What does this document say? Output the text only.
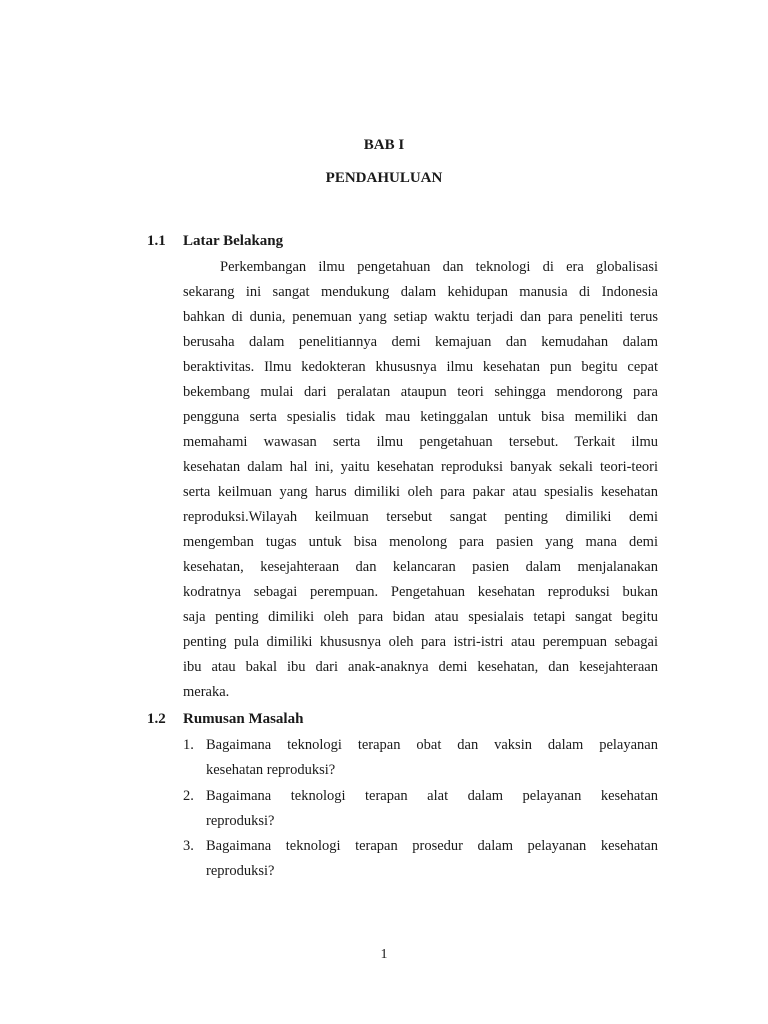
BAB I
PENDAHULUAN
1.1 Latar Belakang
Perkembangan ilmu pengetahuan dan teknologi di era globalisasi
sekarang ini sangat mendukung dalam kehidupan manusia di Indonesia
bahkan di dunia, penemuan yang setiap waktu terjadi dan para peneliti terus
berusaha dalam penelitiannya demi kemajuan dan kemudahan dalam
beraktivitas. Ilmu kedokteran khususnya ilmu kesehatan pun begitu cepat
bekembang mulai dari peralatan ataupun teori sehingga mendorong para
pengguna serta spesialis tidak mau ketinggalan untuk bisa memiliki dan
memahami wawasan serta ilmu pengetahuan tersebut. Terkait ilmu
kesehatan dalam hal ini, yaitu kesehatan reproduksi banyak sekali teori-teori
serta keilmuan yang harus dimiliki oleh para pakar atau spesialis kesehatan
reproduksi.Wilayah keilmuan tersebut sangat penting dimiliki demi
mengemban tugas untuk bisa menolong para pasien yang mana demi
kesehatan, kesejahteraan dan kelancaran pasien dalam menjalanakan
kodratnya sebagai perempuan. Pengetahuan kesehatan reproduksi bukan
saja penting dimiliki oleh para bidan atau spesialais tetapi sangat begitu
penting pula dimiliki khususnya oleh para istri-istri atau perempuan sebagai
ibu atau bakal ibu dari anak-anaknya demi kesehatan, dan kesejahteraan
meraka.
1.2 Rumusan Masalah
1. Bagaimana teknologi terapan obat dan vaksin dalam pelayanan
kesehatan reproduksi?
2. Bagaimana teknologi terapan alat dalam pelayanan kesehatan
reproduksi?
3. Bagaimana teknologi terapan prosedur dalam pelayanan kesehatan
reproduksi?
1
